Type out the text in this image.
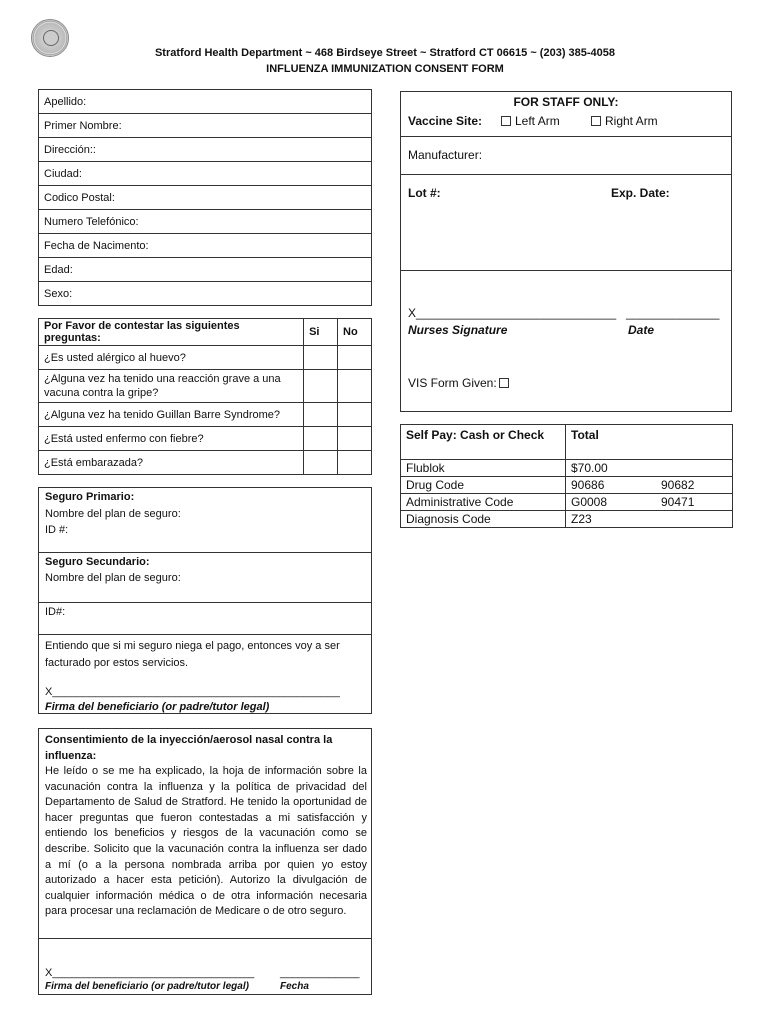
Stratford Health Department ~ 468 Birdseye Street ~ Stratford CT 06615 ~ (203) 385-4058
INFLUENZA IMMUNIZATION CONSENT FORM
Apellido:
Primer Nombre:
Dirección::
Ciudad:
Codico Postal:
Numero Telefónico:
Fecha de Nacimento:
Edad:
Sexo:
Por Favor de contestar las siguientes preguntas:	Si	No
¿Es usted alérgico al huevo?		
¿Alguna vez ha tenido una reacción grave a una vacuna contra la gripe?		
¿Alguna vez ha tenido Guillan Barre Syndrome?		
¿Está usted enfermo con fiebre?		
¿Está embarazada?		
Seguro Primario:
Nombre del plan de seguro:
ID #:
Seguro Secundario:
Nombre del plan de seguro:
ID#:
Entiendo que si mi seguro niega el pago, entonces voy a ser facturado por estos servicios.
X_______________________________________________
Firma del beneficiario (or padre/tutor legal)
Consentimiento de la inyección/aerosol nasal contra la influenza:
He leído o se me ha explicado, la hoja de información sobre la vacunación contra la influenza y la política de privacidad del Departamento de Salud de Stratford. He tenido la oportunidad de hacer preguntas que fueron contestadas a mi satisfacción y entiendo los beneficios y riesgos de la vacunación como se describe. Solicito que la vacunación contra la influenza ser dado a mí (o a la persona nombrada arriba por quien yo estoy autorizado a hacer esta petición). Autorizo la divulgación de cualquier información médica o de otra información necesaria para procesar una reclamación de Medicare o de otro seguro.
X_________________________________ _____________
Firma del beneficiario (or padre/tutor legal)	Fecha
FOR STAFF ONLY:
Vaccine Site:	Left Arm	Right Arm
Manufacturer:
Lot #:	Exp. Date:
X______________________________ ______________
Nurses Signature	Date
VIS Form Given:
Self Pay: Cash or Check	Total	
Flublok	$70.00	
Drug Code	90686	90682
Administrative Code	G0008	90471
Diagnosis Code	Z23	
